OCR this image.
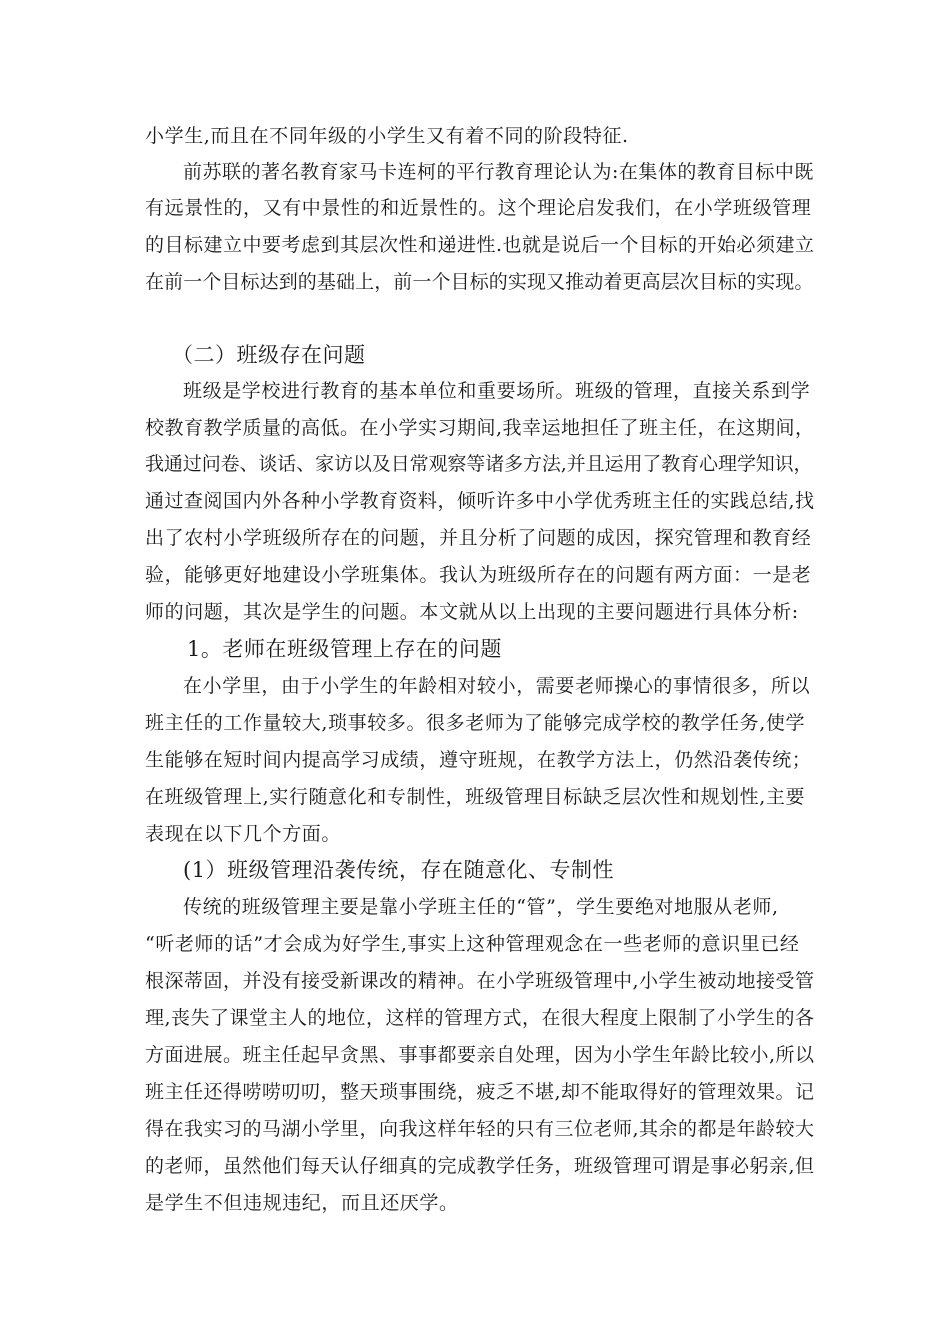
小学生,而且在不同年级的小学生又有着不同的阶段特征.
前苏联的著名教育家马卡连柯的平行教育理论认为:在集体的教育目标中既
有远景性的，又有中景性的和近景性的。这个理论启发我们，在小学班级管理
的目标建立中要考虑到其层次性和递进性.也就是说后一个目标的开始必须建立
在前一个目标达到的基础上，前一个目标的实现又推动着更高层次目标的实现。
（二）班级存在问题
班级是学校进行教育的基本单位和重要场所。班级的管理，直接关系到学
校教育教学质量的高低。在小学实习期间,我幸运地担任了班主任，在这期间，
我通过问卷、谈话、家访以及日常观察等诸多方法,并且运用了教育心理学知识，
通过查阅国内外各种小学教育资料，倾听许多中小学优秀班主任的实践总结,找
出了农村小学班级所存在的问题，并且分析了问题的成因，探究管理和教育经
验，能够更好地建设小学班集体。我认为班级所存在的问题有两方面：一是老
师的问题，其次是学生的问题。本文就从以上出现的主要问题进行具体分析:
1。老师在班级管理上存在的问题
在小学里，由于小学生的年龄相对较小，需要老师操心的事情很多，所以
班主任的工作量较大,琐事较多。很多老师为了能够完成学校的教学任务,使学
生能够在短时间内提高学习成绩，遵守班规，在教学方法上，仍然沿袭传统；
在班级管理上,实行随意化和专制性，班级管理目标缺乏层次性和规划性,主要
表现在以下几个方面。
(1）班级管理沿袭传统，存在随意化、专制性
传统的班级管理主要是靠小学班主任的“管”，学生要绝对地服从老师,
“听老师的话”才会成为好学生,事实上这种管理观念在一些老师的意识里已经
根深蒂固，并没有接受新课改的精神。在小学班级管理中,小学生被动地接受管
理,丧失了课堂主人的地位，这样的管理方式，在很大程度上限制了小学生的各
方面进展。班主任起早贪黑、事事都要亲自处理，因为小学生年龄比较小,所以
班主任还得唠唠叨叨，整天琐事围绕，疲乏不堪,却不能取得好的管理效果。记
得在我实习的马湖小学里，向我这样年轻的只有三位老师,其余的都是年龄较大
的老师，虽然他们每天认仔细真的完成教学任务，班级管理可谓是事必躬亲,但
是学生不但违规违纪，而且还厌学。
